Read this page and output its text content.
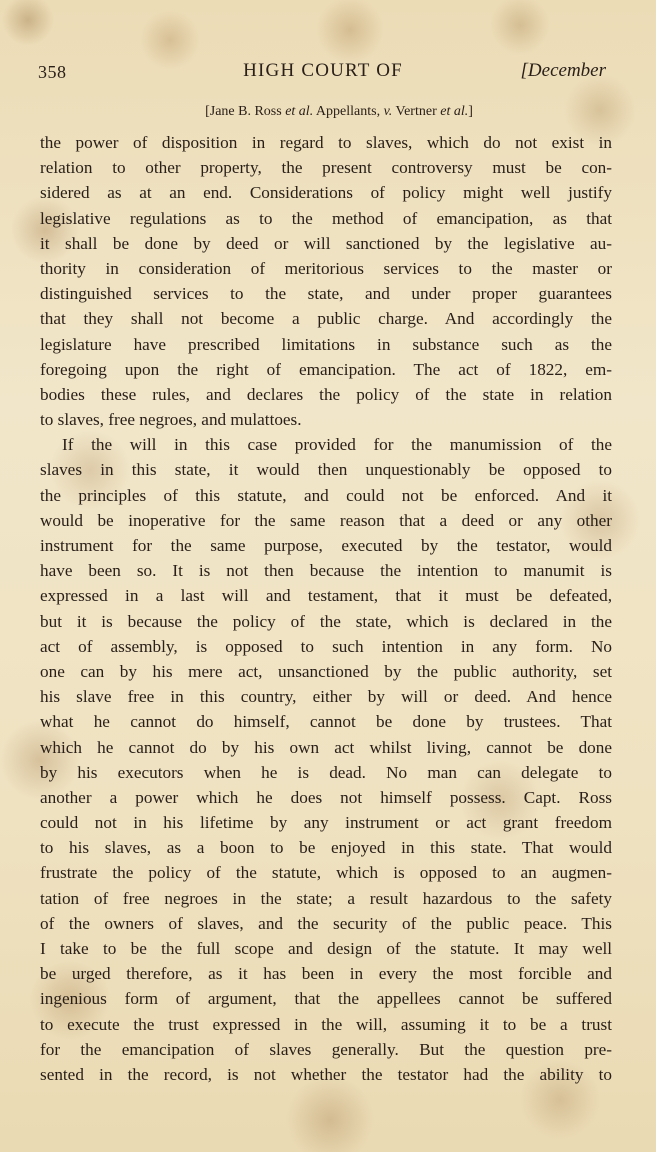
358	HIGH COURT OF	[December
[Jane B. Ross et al. Appellants, v. Vertner et al.]
the power of disposition in regard to slaves, which do not exist in
relation to other property, the present controversy must be con-
sidered as at an end. Considerations of policy might well justify
legislative regulations as to the method of emancipation, as that
it shall be done by deed or will sanctioned by the legislative au-
thority in consideration of meritorious services to the master or
distinguished services to the state, and under proper guarantees
that they shall not become a public charge. And accordingly the
legislature have prescribed limitations in substance such as the
foregoing upon the right of emancipation. The act of 1822, em-
bodies these rules, and declares the policy of the state in relation
to slaves, free negroes, and mulattoes.
If the will in this case provided for the manumission of the
slaves in this state, it would then unquestionably be opposed to
the principles of this statute, and could not be enforced. And it
would be inoperative for the same reason that a deed or any other
instrument for the same purpose, executed by the testator, would
have been so. It is not then because the intention to manumit is
expressed in a last will and testament, that it must be defeated,
but it is because the policy of the state, which is declared in the
act of assembly, is opposed to such intention in any form. No
one can by his mere act, unsanctioned by the public authority, set
his slave free in this country, either by will or deed. And hence
what he cannot do himself, cannot be done by trustees. That
which he cannot do by his own act whilst living, cannot be done
by his executors when he is dead. No man can delegate to
another a power which he does not himself possess. Capt. Ross
could not in his lifetime by any instrument or act grant freedom
to his slaves, as a boon to be enjoyed in this state. That would
frustrate the policy of the statute, which is opposed to an augmen-
tation of free negroes in the state; a result hazardous to the safety
of the owners of slaves, and the security of the public peace. This
I take to be the full scope and design of the statute. It may well
be urged therefore, as it has been in every the most forcible and
ingenious form of argument, that the appellees cannot be suffered
to execute the trust expressed in the will, assuming it to be a trust
for the emancipation of slaves generally. But the question pre-
sented in the record, is not whether the testator had the ability to
